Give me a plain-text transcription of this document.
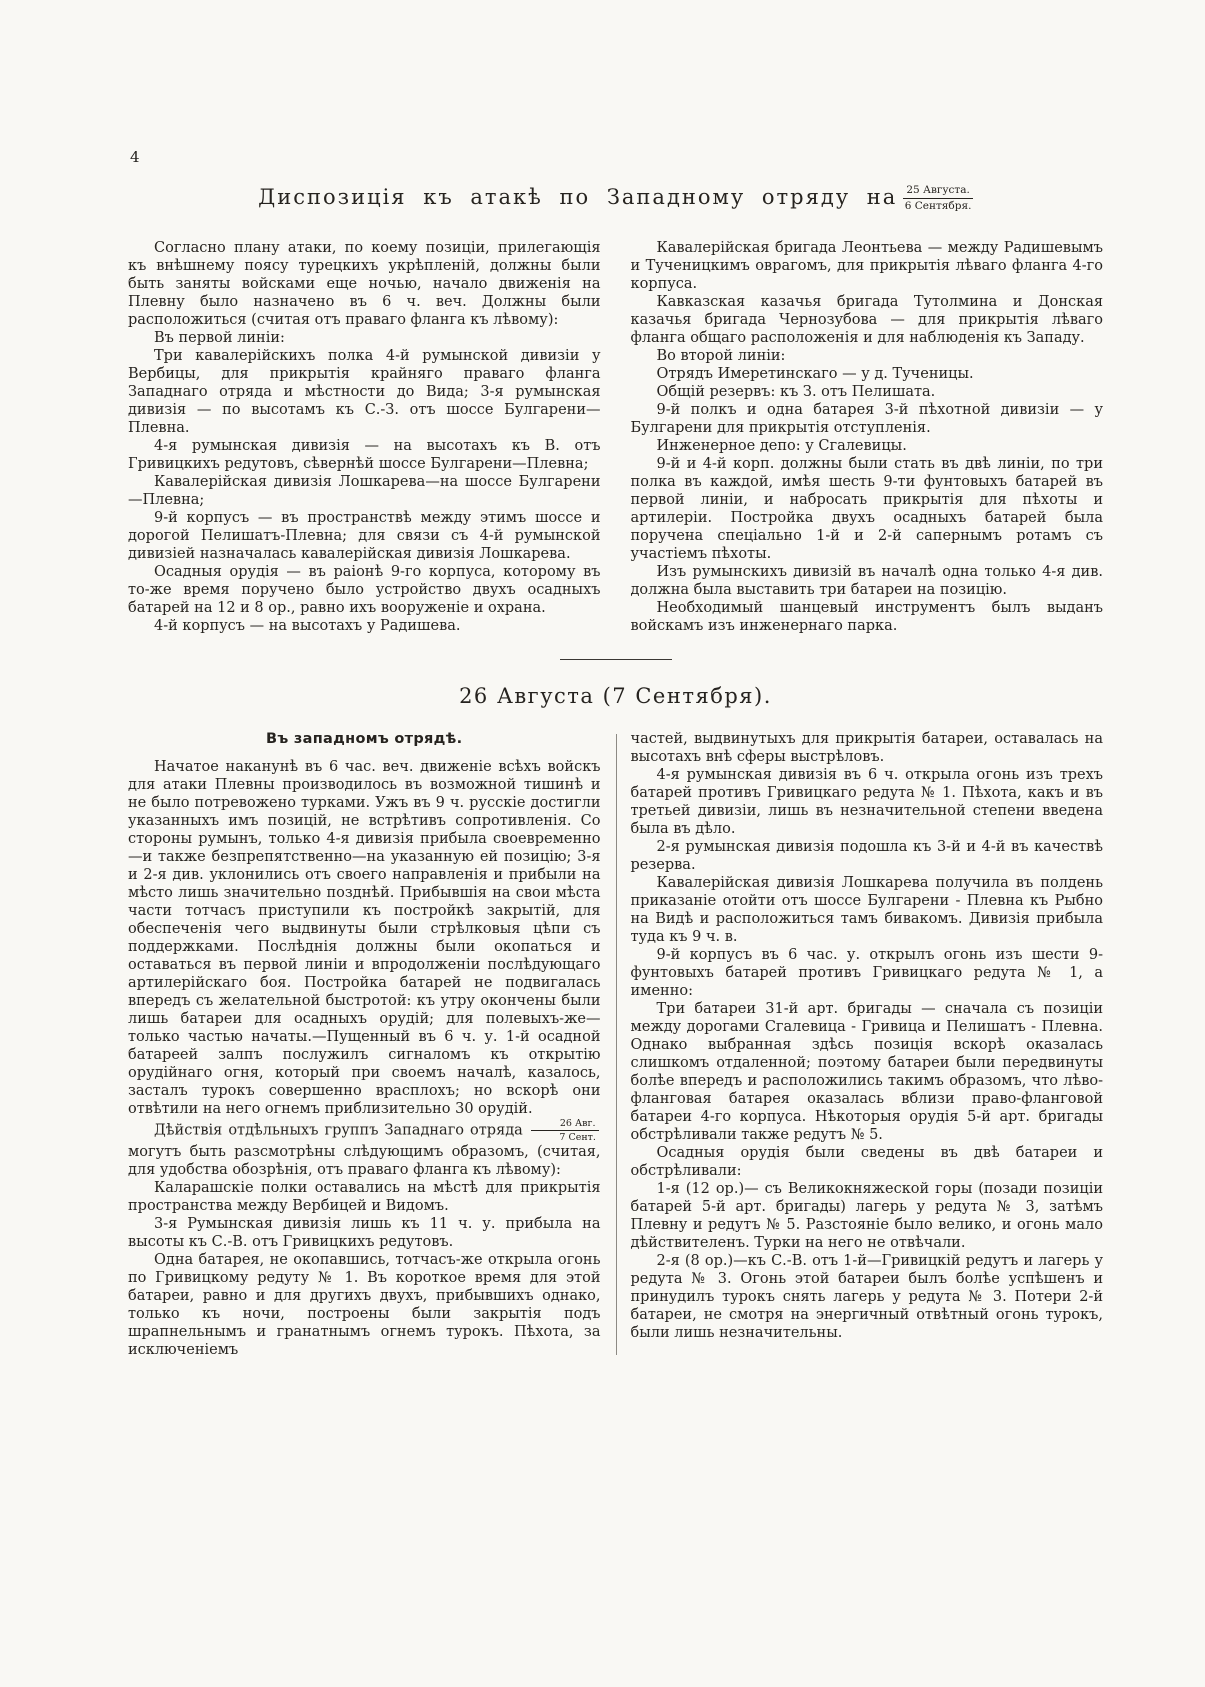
4
Диспозиція къ атакѣ по Западному отряду на $\frac{\text{25 Августа.}}{\text{6 Сентября.}}$

Согласно плану атаки, по коему позиціи, прилегающія къ внѣшнему поясу турецкихъ укрѣпленій, должны были быть заняты войсками еще ночью, начало движенія на Плевну было назначено въ 6 ч. веч. Должны были расположиться (считая отъ праваго фланга къ лѣвому):

Въ первой линіи:

Три кавалерійскихъ полка 4-й румынской дивизіи у Вербицы, для прикрытія крайняго праваго фланга Западнаго отряда и мѣстности до Вида; 3-я румынская дивизія — по высотамъ къ С.-З. отъ шоссе Булгарени—Плевна.

4-я румынская дивизія — на высотахъ къ В. отъ Гривицкихъ редутовъ, сѣвернѣй шоссе Булгарени—Плевна;

Кавалерійская дивизія Лошкарева—на шоссе Булгарени—Плевна;

9-й корпусъ — въ пространствѣ между этимъ шоссе и дорогой Пелишатъ-Плевна; для связи съ 4-й румынской дивизіей назначалась кавалерійская дивизія Лошкарева.

Осадныя орудія — въ раіонѣ 9-го корпуса, которому въ то-же время поручено было устройство двухъ осадныхъ батарей на 12 и 8 ор., равно ихъ вооруженіе и охрана.

4-й корпусъ — на высотахъ у Радишева.

Кавалерійская бригада Леонтьева — между Радишевымъ и Тученицкимъ оврагомъ, для прикрытія лѣваго фланга 4-го корпуса.

Кавказская казачья бригада Тутолмина и Донская казачья бригада Чернозубова — для прикрытія лѣваго фланга общаго расположенія и для наблюденія къ Западу.

Во второй линіи:

Отрядъ Имеретинскаго — у д. Тученицы.

Общій резервъ: къ З. отъ Пелишата.

9-й полкъ и одна батарея 3-й пѣхотной дивизіи — у Булгарени для прикрытія отступленія.

Инженерное депо: у Сгалевицы.

9-й и 4-й корп. должны были стать въ двѣ линіи, по три полка въ каждой, имѣя шесть 9-ти фунтовыхъ батарей въ первой линіи, и набросать прикрытія для пѣхоты и артилеріи. Постройка двухъ осадныхъ батарей была поручена спеціально 1-й и 2-й сапернымъ ротамъ съ участіемъ пѣхоты.

Изъ румынскихъ дивизій въ началѣ одна только 4-я див. должна была выставить три батареи на позицію.

Необходимый шанцевый инструментъ былъ выданъ войскамъ изъ инженернаго парка.

26 Августа (7 Сентября).
Въ западномъ отрядѣ.

Начатое наканунѣ въ 6 час. веч. движеніе всѣхъ войскъ для атаки Плевны производилось въ возможной тишинѣ и не было потревожено турками. Ужъ въ 9 ч. русскіе достигли указанныхъ имъ позицій, не встрѣтивъ сопротивленія. Со стороны румынъ, только 4-я дивизія прибыла своевременно—и также безпрепятственно—на указанную ей позицію; 3-я и 2-я див. уклонились отъ своего направленія и прибыли на мѣсто лишь значительно позднѣй. Прибывшія на свои мѣста части тотчасъ приступили къ постройкѣ закрытій, для обеспеченія чего выдвинуты были стрѣлковыя цѣпи съ поддержками. Послѣднія должны были окопаться и оставаться въ первой линіи и впродолженіи послѣдующаго артилерійскаго боя. Постройка батарей не подвигалась впередъ съ желательной быстротой: къ утру окончены были лишь батареи для осадныхъ орудій; для полевыхъ-же—только частью начаты.—Пущенный въ 6 ч. у. 1-й осадной батареей залпъ послужилъ сигналомъ къ открытію орудійнаго огня, который при своемъ началѣ, казалось, засталъ турокъ совершенно врасплохъ; но вскорѣ они отвѣтили на него огнемъ приблизительно 30 орудій.

Дѣйствія отдѣльныхъ группъ Западнаго отряда $\frac{\text{26 Авг.}}{\text{7 Сент.}}$
могутъ быть разсмотрѣны слѣдующимъ образомъ, (считая, для удобства обозрѣнія, отъ праваго фланга къ лѣвому):

Каларашскіе полки оставались на мѣстѣ для прикрытія пространства между Вербицей и Видомъ.

3-я Румынская дивизія лишь къ 11 ч. у. прибыла на высоты къ С.-В. отъ Гривицкихъ редутовъ.

Одна батарея, не окопавшись, тотчасъ-же открыла огонь по Гривицкому редуту № 1. Въ короткое время для этой батареи, равно и для другихъ двухъ, прибывшихъ однако, только къ ночи, построены были закрытія подъ шрапнельнымъ и гранатнымъ огнемъ турокъ. Пѣхота, за исключеніемъ

частей, выдвинутыхъ для прикрытія батареи, оставалась на высотахъ внѣ сферы выстрѣловъ.

4-я румынская дивизія въ 6 ч. открыла огонь изъ трехъ батарей противъ Гривицкаго редута № 1. Пѣхота, какъ и въ третьей дивизіи, лишь въ незначительной степени введена была въ дѣло.

2-я румынская дивизія подошла къ 3-й и 4-й въ качествѣ резерва.

Кавалерійская дивизія Лошкарева получила въ полдень приказаніе отойти отъ шоссе Булгарени - Плевна къ Рыбно на Видѣ и расположиться тамъ бивакомъ. Дивизія прибыла туда къ 9 ч. в.

9-й корпусъ въ 6 час. у. открылъ огонь изъ шести 9-фунтовыхъ батарей противъ Гривицкаго редута № 1, а именно:

Три батареи 31-й арт. бригады — сначала съ позиціи между дорогами Сгалевица - Гривица и Пелишатъ - Плевна. Однако выбранная здѣсь позиція вскорѣ оказалась слишкомъ отдаленной; поэтому батареи были передвинуты болѣе впередъ и расположились такимъ образомъ, что лѣво-фланговая батарея оказалась вблизи право-фланговой батареи 4-го корпуса. Нѣкоторыя орудія 5-й арт. бригады обстрѣливали также редутъ № 5.

Осадныя орудія были сведены въ двѣ батареи и обстрѣливали:

1-я (12 ор.)— съ Великокняжеской горы (позади позиціи батарей 5-й арт. бригады) лагерь у редута № 3, затѣмъ Плевну и редутъ № 5. Разстояніе было велико, и огонь мало дѣйствителенъ. Турки на него не отвѣчали.

2-я (8 ор.)—къ С.-В. отъ 1-й—Гривицкій редутъ и лагерь у редута № 3. Огонь этой батареи былъ болѣе успѣшенъ и принудилъ турокъ снять лагерь у редута № 3. Потери 2-й батареи, не смотря на энергичный отвѣтный огонь турокъ, были лишь незначительны.
